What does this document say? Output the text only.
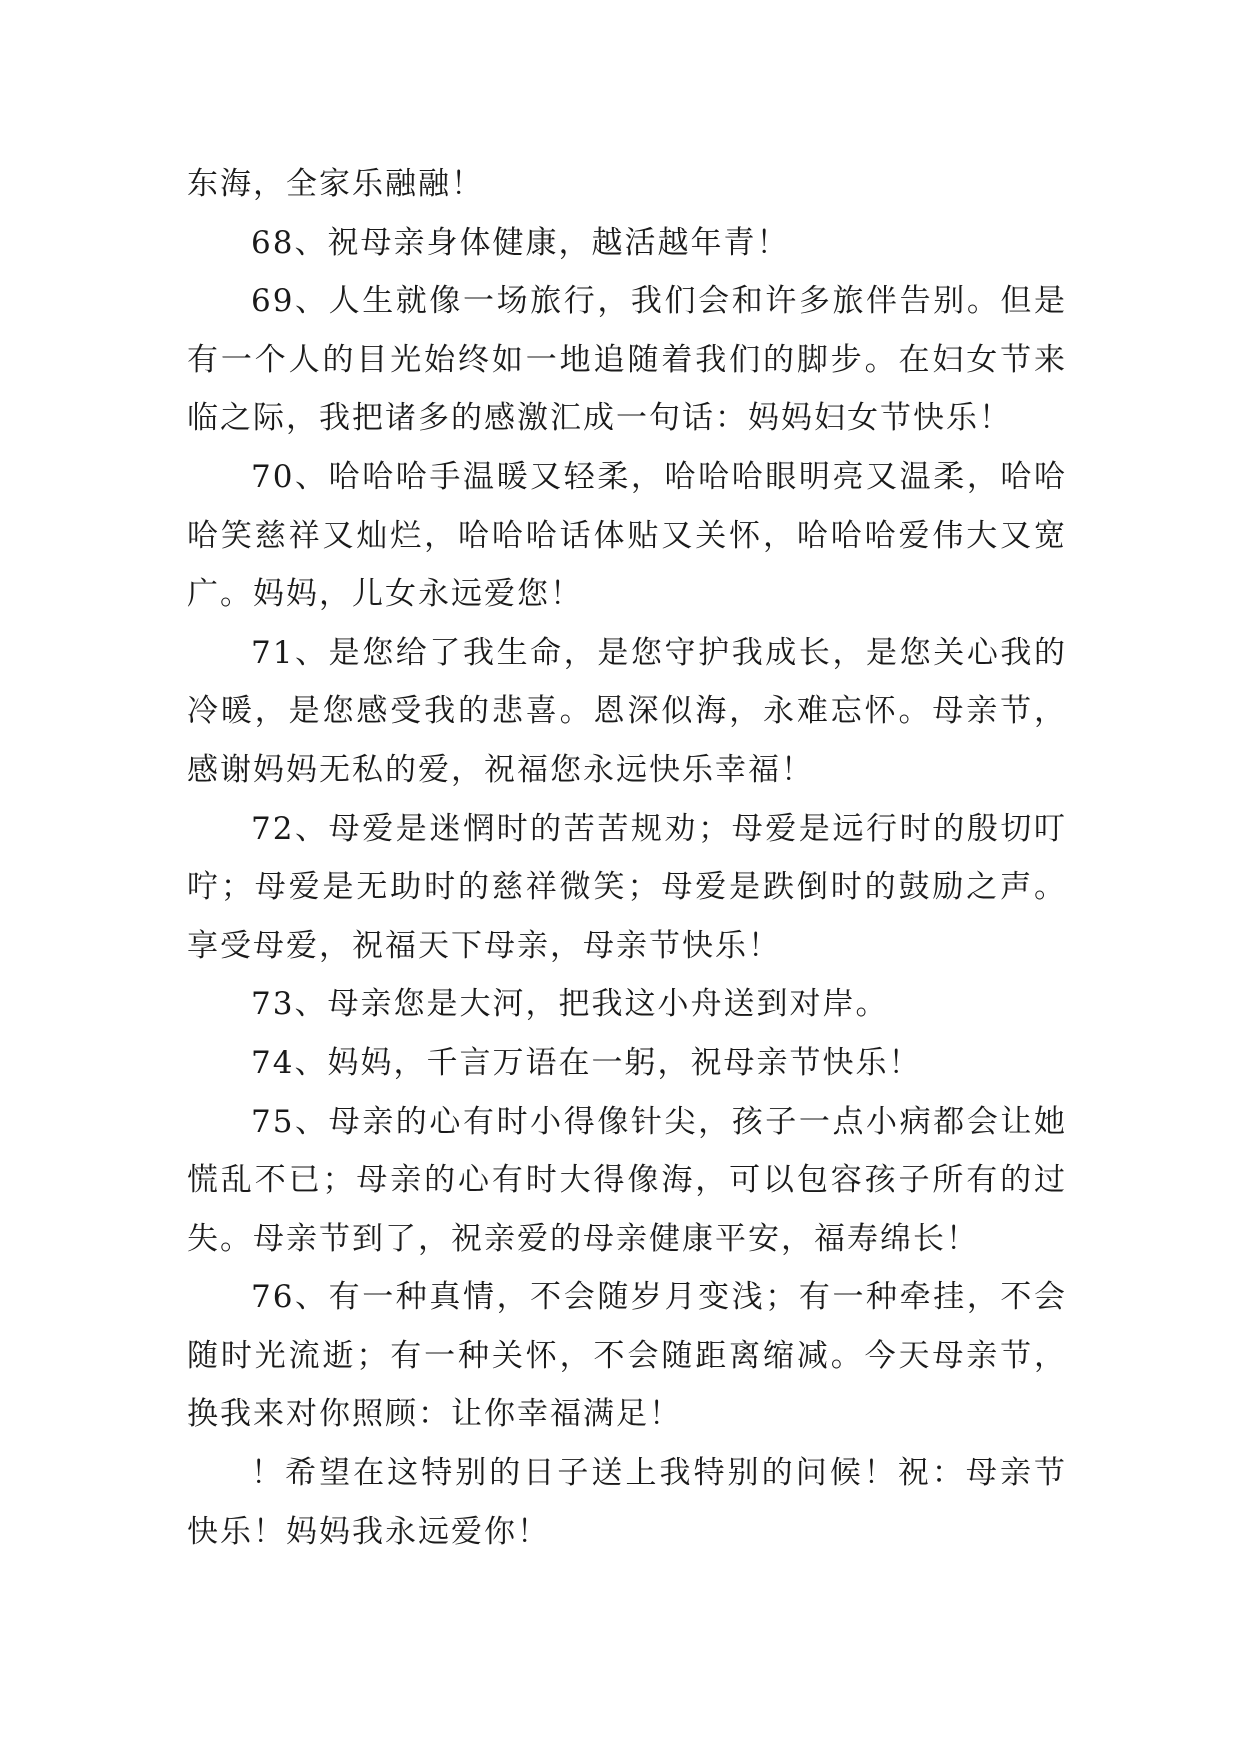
东海，全家乐融融！

68、祝母亲身体健康，越活越年青！

69、人生就像一场旅行，我们会和许多旅伴告别。但是有一个人的目光始终如一地追随着我们的脚步。在妇女节来临之际，我把诸多的感激汇成一句话：妈妈妇女节快乐！

70、哈哈哈手温暖又轻柔，哈哈哈眼明亮又温柔，哈哈哈笑慈祥又灿烂，哈哈哈话体贴又关怀，哈哈哈爱伟大又宽广。妈妈，儿女永远爱您！

71、是您给了我生命，是您守护我成长，是您关心我的冷暖，是您感受我的悲喜。恩深似海，永难忘怀。母亲节，感谢妈妈无私的爱，祝福您永远快乐幸福！

72、母爱是迷惘时的苦苦规劝；母爱是远行时的殷切叮咛；母爱是无助时的慈祥微笑；母爱是跌倒时的鼓励之声。享受母爱，祝福天下母亲，母亲节快乐！

73、母亲您是大河，把我这小舟送到对岸。

74、妈妈，千言万语在一躬，祝母亲节快乐！

75、母亲的心有时小得像针尖，孩子一点小病都会让她慌乱不已；母亲的心有时大得像海，可以包容孩子所有的过失。母亲节到了，祝亲爱的母亲健康平安，福寿绵长！

76、有一种真情，不会随岁月变浅；有一种牵挂，不会随时光流逝；有一种关怀，不会随距离缩减。今天母亲节，换我来对你照顾：让你幸福满足！

！希望在这特别的日子送上我特别的问候！祝：母亲节快乐！妈妈我永远爱你！
